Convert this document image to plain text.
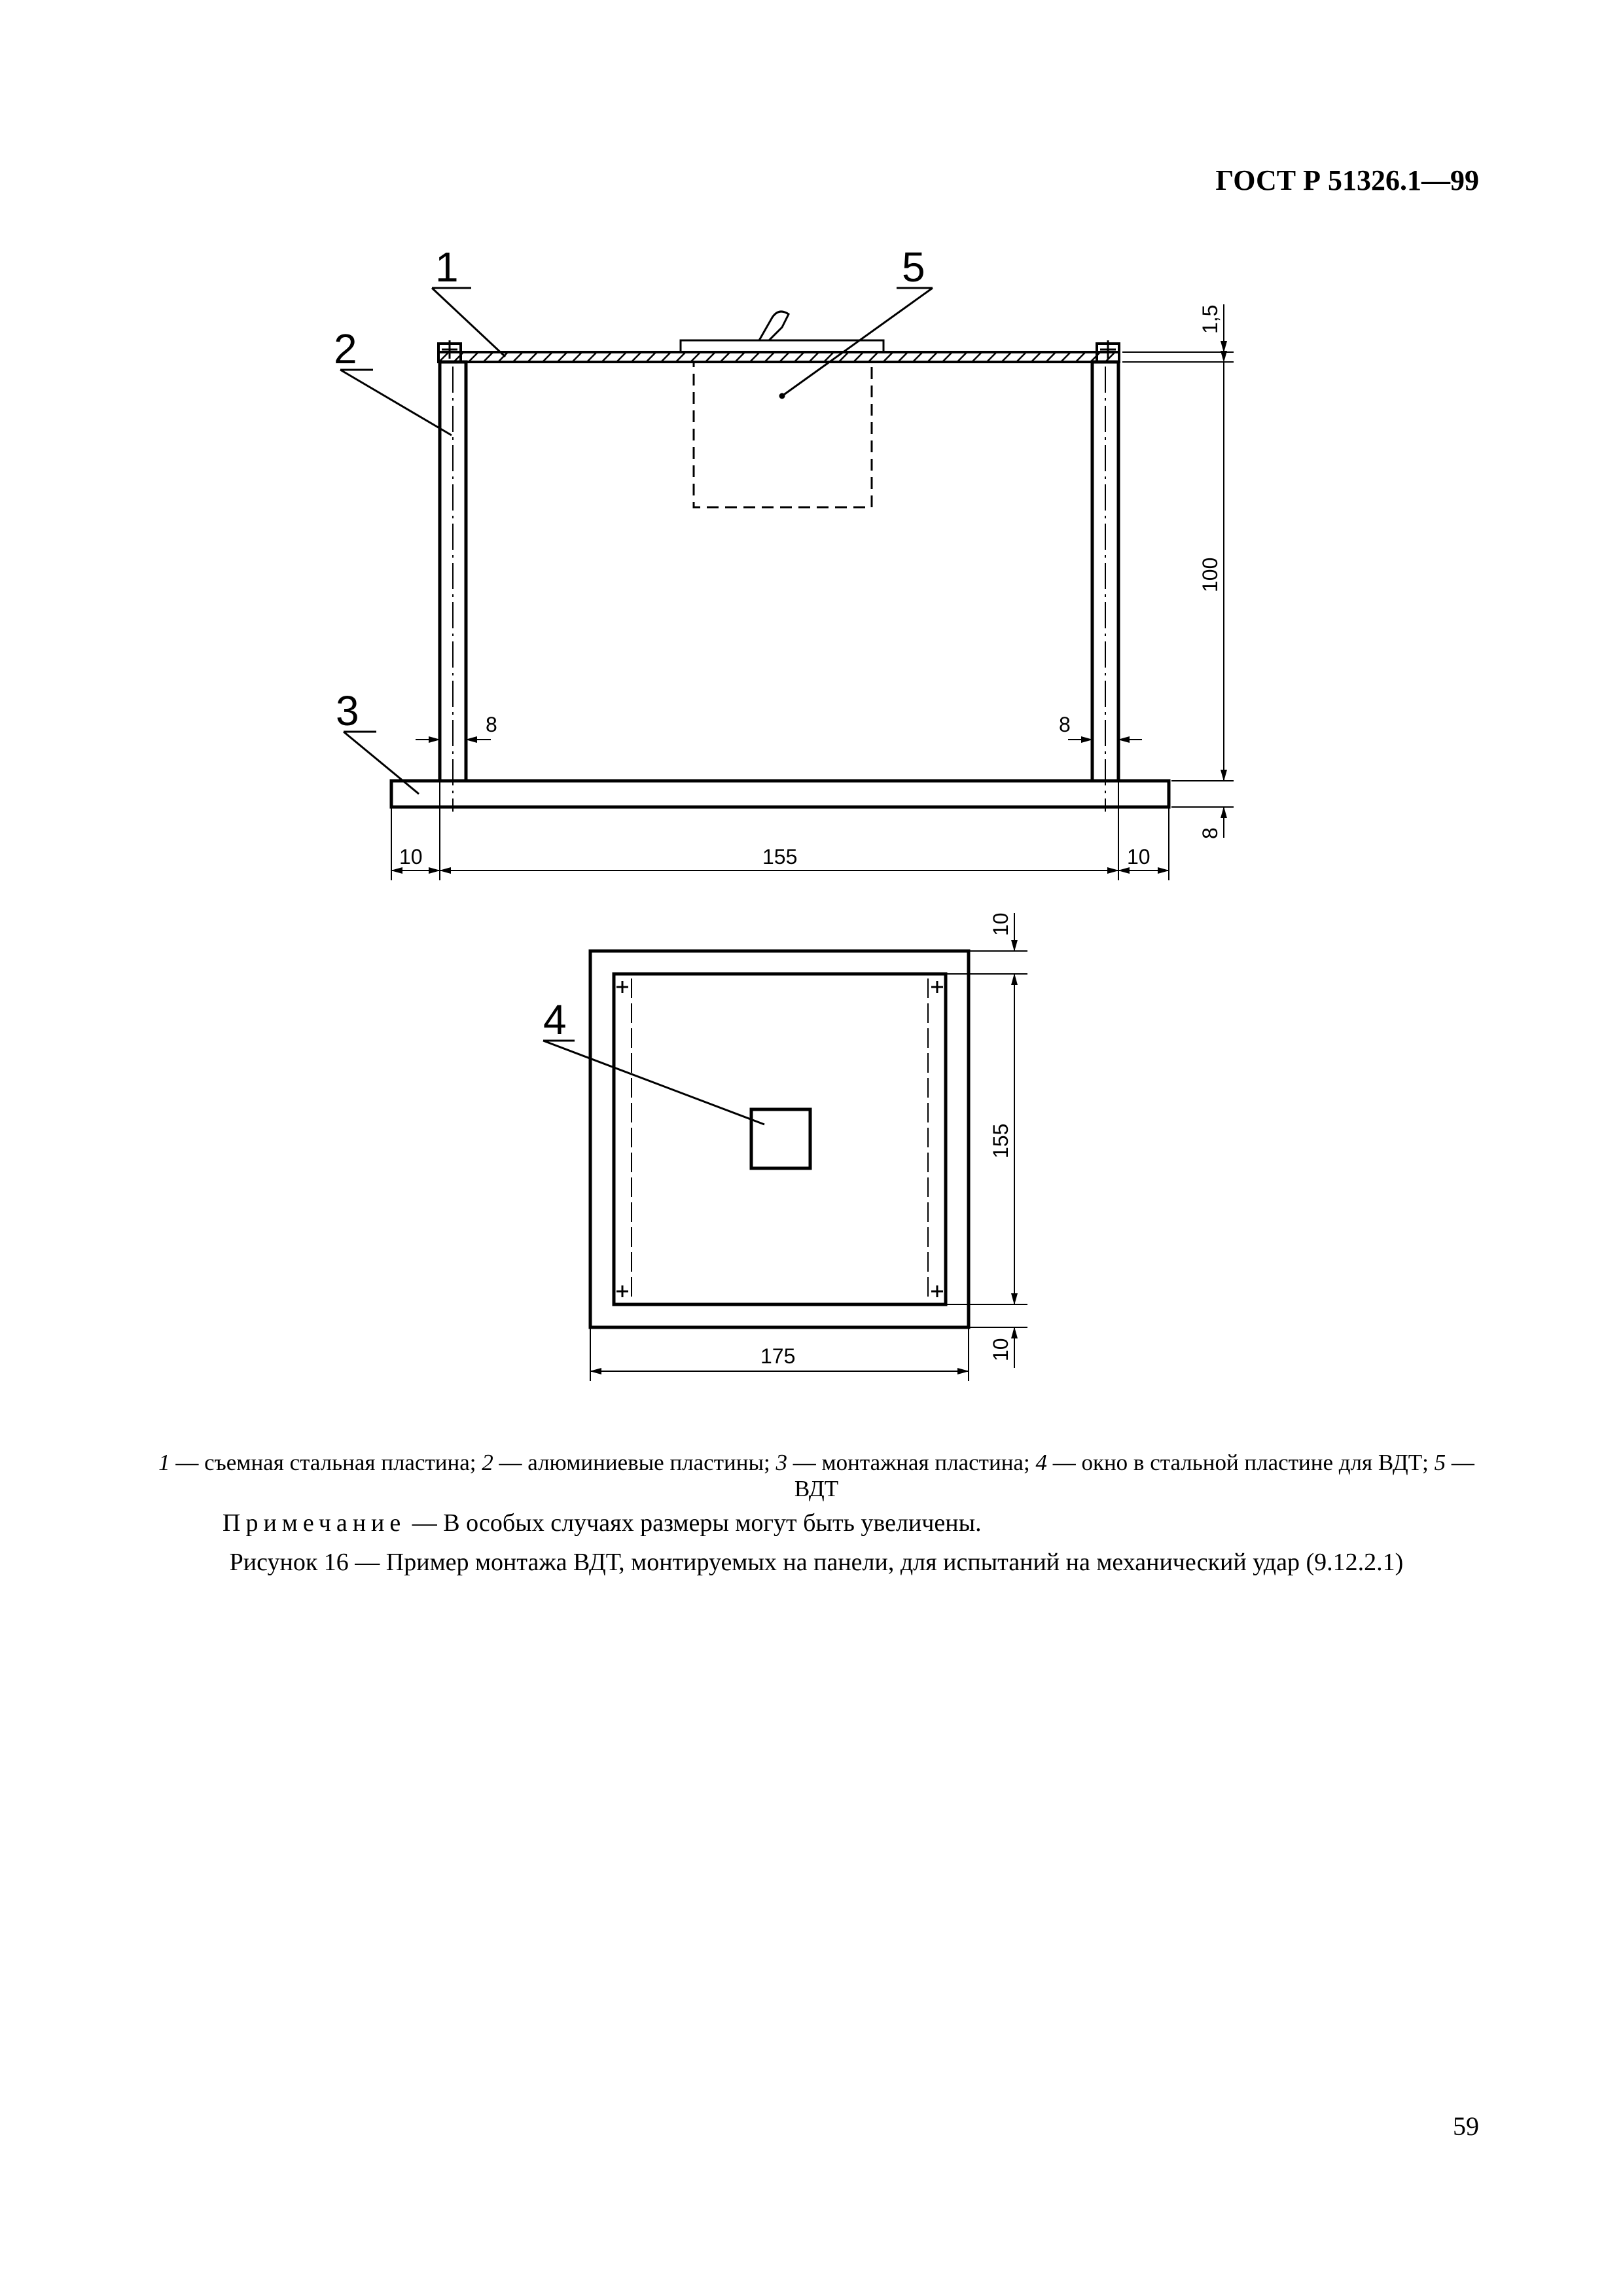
ГОСТ Р 51326.1—99
1	5
2
3
1,5
100
8
8	8
10	155	10
4
10
155
10
175
1 — съемная стальная пластина; 2 — алюминиевые пластины; 3 — монтажная пластина; 4 — окно в стальной пластине для ВДТ; 5 — ВДТ
Примечание — В особых случаях размеры могут быть увеличены.
Рисунок 16 — Пример монтажа ВДТ, монтируемых на панели, для испытаний на механический удар (9.12.2.1)
59
